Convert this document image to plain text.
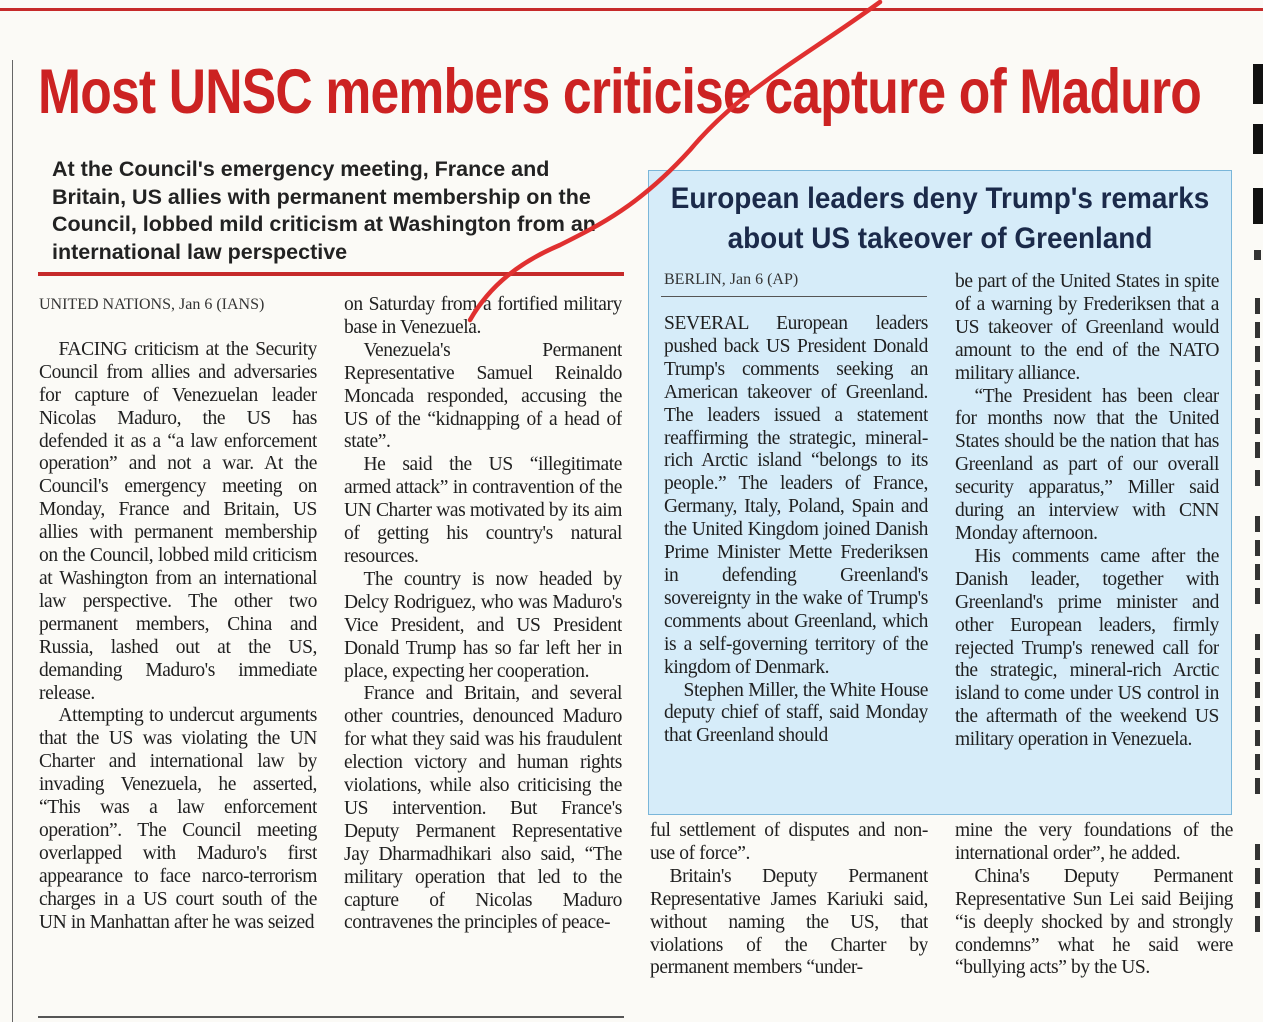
Most UNSC members criticise capture of Maduro

At the Council's emergency meeting, France and Britain, US allies with permanent membership on the Council, lobbed mild criticism at Washington from an international law perspective

UNITED NATIONS, Jan 6 (IANS)

FACING criticism at the Security Council from allies and adversaries for capture of Venezuelan leader Nicolas Maduro, the US has defended it as a “a law enforcement operation” and not a war. At the Council's emergency meeting on Monday, France and Britain, US allies with permanent membership on the Council, lobbed mild criticism at Washington from an international law perspective. The other two permanent members, China and Russia, lashed out at the US, demanding Maduro's immediate release.

Attempting to undercut arguments that the US was violating the UN Charter and international law by invading Venezuela, he asserted, “This was a law enforcement operation”. The Council meeting overlapped with Maduro's first appearance to face narco-terrorism charges in a US court south of the UN in Manhattan after he was seized

on Saturday from a fortified military base in Venezuela.

Venezuela's Permanent Representative Samuel Reinaldo Moncada responded, accusing the US of the “kidnapping of a head of state”.

He said the US “illegitimate armed attack” in contravention of the UN Charter was motivated by its aim of getting his country's natural resources.

The country is now headed by Delcy Rodriguez, who was Maduro's Vice President, and US President Donald Trump has so far left her in place, expecting her cooperation.

France and Britain, and several other countries, denounced Maduro for what they said was his fraudulent election victory and human rights violations, while also criticising the US intervention. But France's Deputy Permanent Representative Jay Dharmadhikari also said, “The military operation that led to the capture of Nicolas Maduro contravenes the principles of peace-

European leaders deny Trump's remarks about US takeover of Greenland
BERLIN, Jan 6 (AP)

SEVERAL European leaders pushed back US President Donald Trump's comments seeking an American takeover of Greenland. The leaders issued a statement reaffirming the strategic, mineral-rich Arctic island “belongs to its people.” The leaders of France, Germany, Italy, Poland, Spain and the United Kingdom joined Danish Prime Minister Mette Frederiksen in defending Greenland's sovereignty in the wake of Trump's comments about Greenland, which is a self-governing territory of the kingdom of Denmark.

Stephen Miller, the White House deputy chief of staff, said Monday that Greenland should

be part of the United States in spite of a warning by Frederiksen that a US takeover of Greenland would amount to the end of the NATO military alliance.

“The President has been clear for months now that the United States should be the nation that has Greenland as part of our overall security apparatus,” Miller said during an interview with CNN Monday afternoon.

His comments came after the Danish leader, together with Greenland's prime minister and other European leaders, firmly rejected Trump's renewed call for the strategic, mineral-rich Arctic island to come under US control in the aftermath of the weekend US military operation in Venezuela.

ful settlement of disputes and non-use of force”.

Britain's Deputy Permanent Representative James Kariuki said, without naming the US, that violations of the Charter by permanent members “under-

mine the very foundations of the international order”, he added.

China's Deputy Permanent Representative Sun Lei said Beijing “is deeply shocked by and strongly condemns” what he said were “bullying acts” by the US.
